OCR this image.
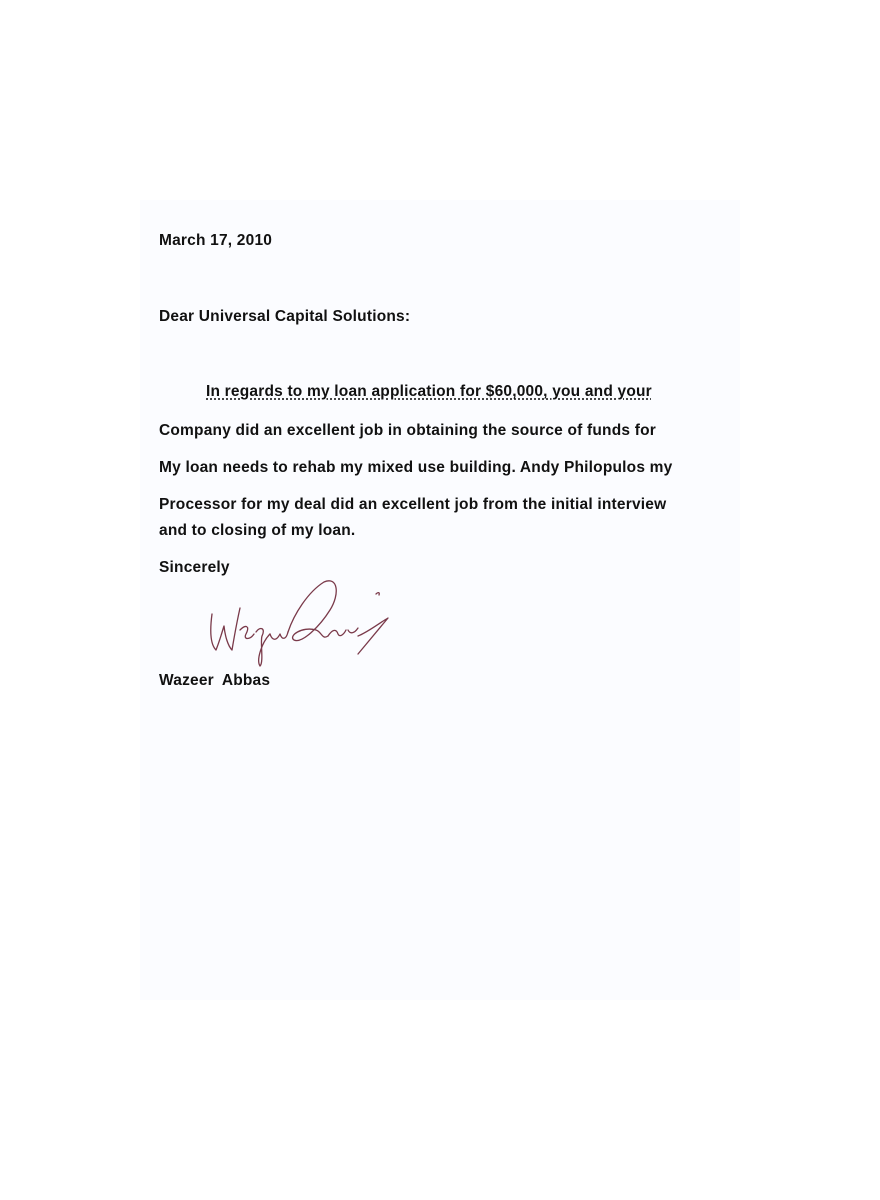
March 17, 2010
Dear Universal Capital Solutions:
In regards to my loan application for $60,000, you and your
Company did an excellent job in obtaining the source of funds for
My loan needs to rehab my mixed use building. Andy Philopulos my
Processor for my deal did an excellent job from the initial interview
and to closing of my loan.
Sincerely
Wazeer Abbas
